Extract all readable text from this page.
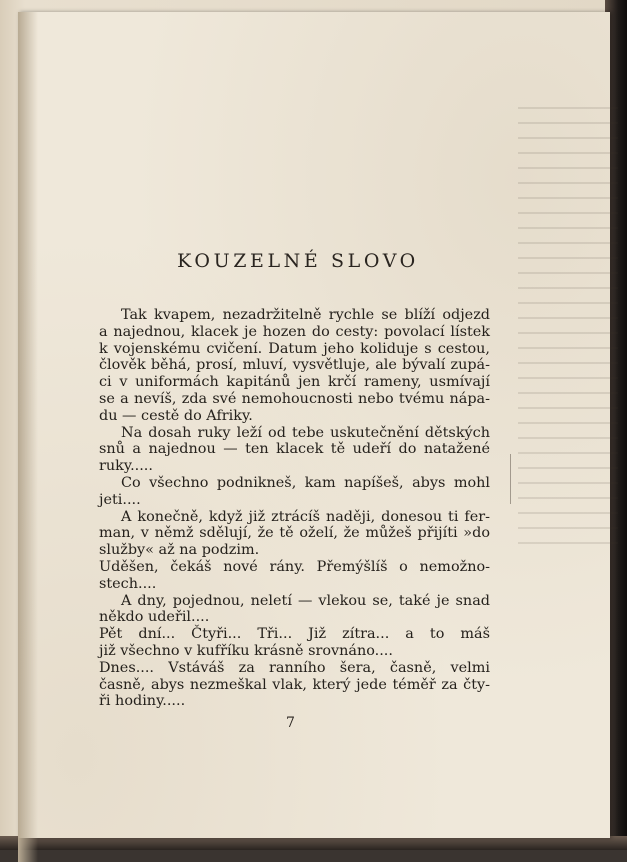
KOUZELNÉ SLOVO
Tak kvapem, nezadržitelně rychle se blíží odjezd
a najednou, klacek je hozen do cesty: povolací lístek
k vojenskému cvičení. Datum jeho koliduje s cestou,
člověk běhá, prosí, mluví, vysvětluje, ale bývalí zupá-
ci v uniformách kapitánů jen krčí rameny, usmívají
se a nevíš, zda své nemohoucnosti nebo tvému nápa-
du — cestě do Afriky.
Na dosah ruky leží od tebe uskutečnění dětských
snů a najednou — ten klacek tě udeří do natažené
ruky.....
Co všechno podnikneš, kam napíšeš, abys mohl
jeti....
A konečně, když již ztrácíš naději, donesou ti fer-
man, v němž sdělují, že tě oželí, že můžeš přijíti »do
služby« až na podzim.
Uděšen, čekáš nové rány. Přemýšlíš o nemožno-
stech....
A dny, pojednou, neletí — vlekou se, také je snad
někdo udeřil....
Pět dní... Čtyři... Tři... Již zítra... a to máš
již všechno v kufříku krásně srovnáno....
Dnes.... Vstáváš za ranního šera, časně, velmi
časně, abys nezmeškal vlak, který jede téměř za čty-
ři hodiny.....
7
